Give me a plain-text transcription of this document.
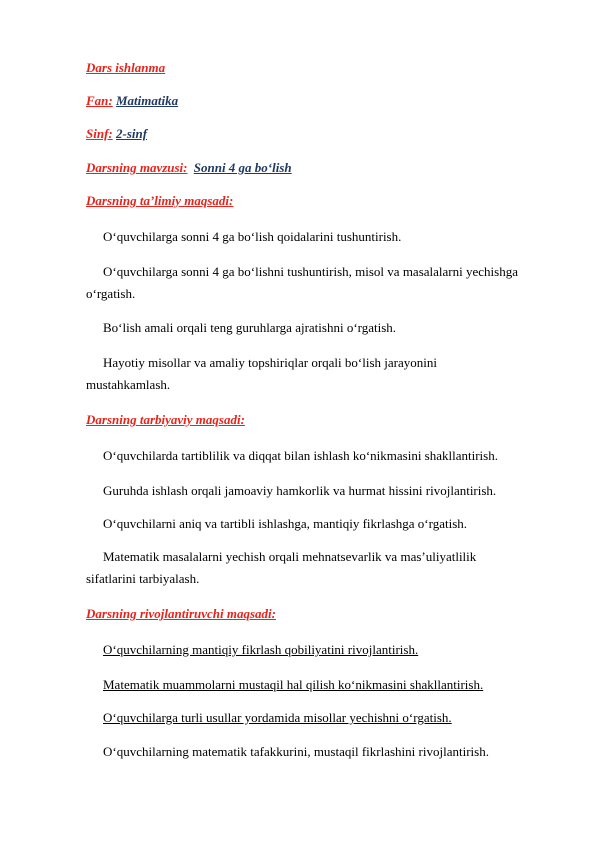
Dars ishlanma
Fan: Matimatika
Sinf: 2-sinf
Darsning mavzusi: Sonni 4 ga bo‘lish
Darsning ta’limiy maqsadi:
O‘quvchilarga sonni 4 ga bo‘lish qoidalarini tushuntirish.
O‘quvchilarga sonni 4 ga bo‘lishni tushuntirish, misol va masalalarni yechishga
o‘rgatish.
Bo‘lish amali orqali teng guruhlarga ajratishni o‘rgatish.
Hayotiy misollar va amaliy topshiriqlar orqali bo‘lish jarayonini
mustahkamlash.
Darsning tarbiyaviy maqsadi:
O‘quvchilarda tartiblilik va diqqat bilan ishlash ko‘nikmasini shakllantirish.
Guruhda ishlash orqali jamoaviy hamkorlik va hurmat hissini rivojlantirish.
O‘quvchilarni aniq va tartibli ishlashga, mantiqiy fikrlashga o‘rgatish.
Matematik masalalarni yechish orqali mehnatsevarlik va mas’uliyatlilik
sifatlarini tarbiyalash.
Darsning rivojlantiruvchi maqsadi:
O‘quvchilarning mantiqiy fikrlash qobiliyatini rivojlantirish.
Matematik muammolarni mustaqil hal qilish ko‘nikmasini shakllantirish.
O‘quvchilarga turli usullar yordamida misollar yechishni o‘rgatish.
O‘quvchilarning matematik tafakkurini, mustaqil fikrlashini rivojlantirish.
